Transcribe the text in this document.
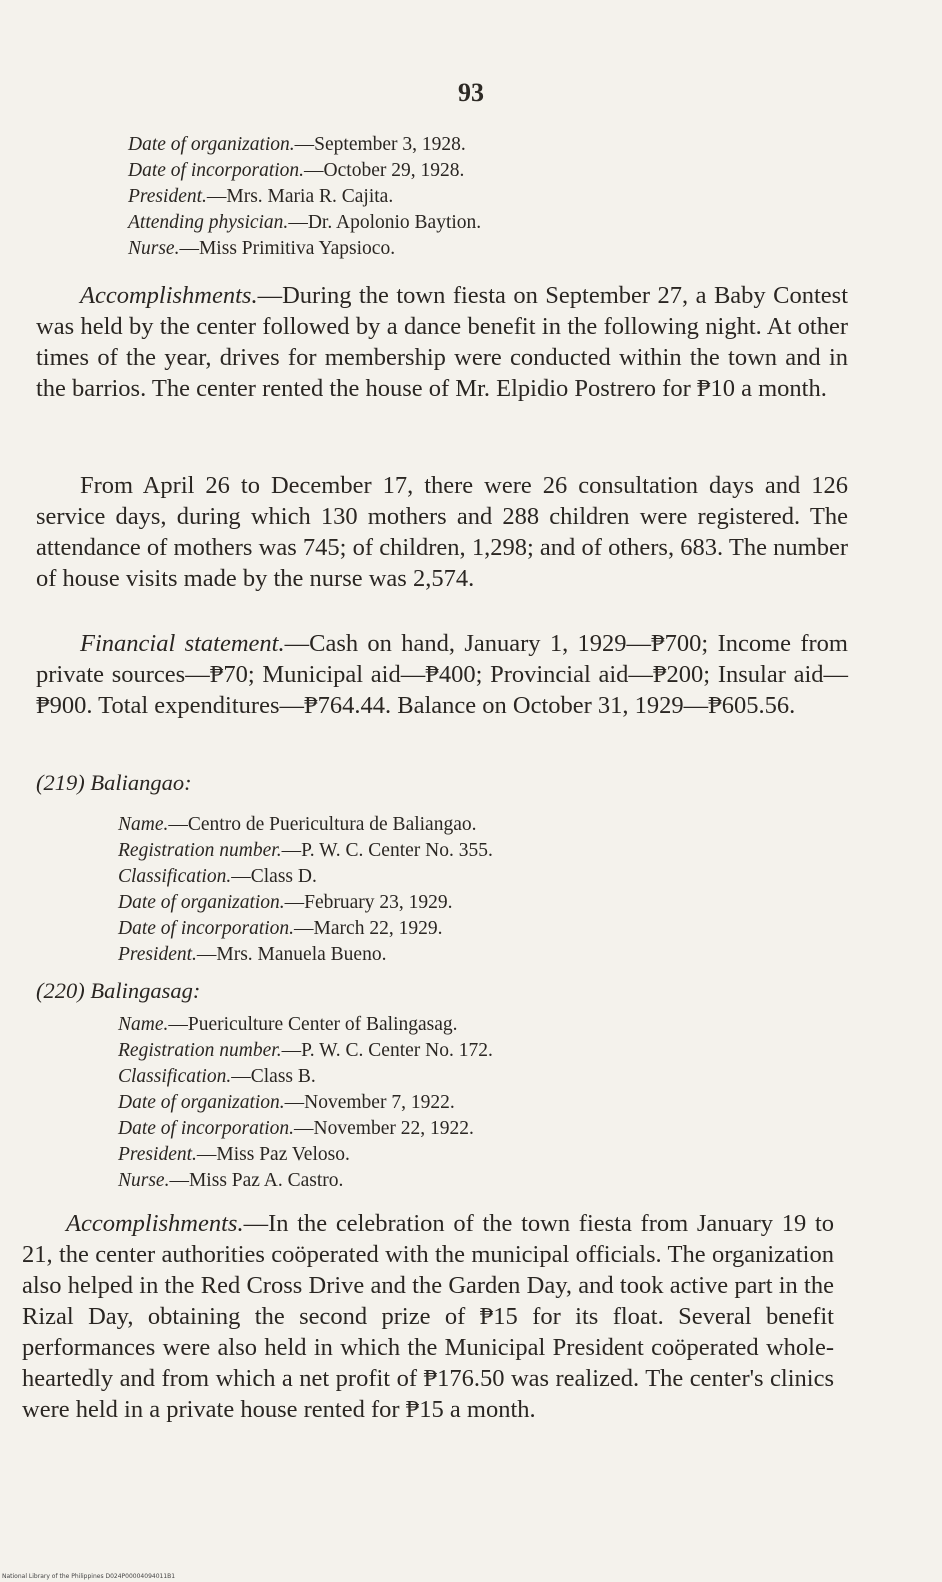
93
Date of organization.—September 3, 1928.
Date of incorporation.—October 29, 1928.
President.—Mrs. Maria R. Cajita.
Attending physician.—Dr. Apolonio Baytion.
Nurse.—Miss Primitiva Yapsioco.
Accomplishments.—During the town fiesta on September 27, a Baby Contest was held by the center followed by a dance benefit in the following night. At other times of the year, drives for membership were conducted within the town and in the barrios. The center rented the house of Mr. Elpidio Postrero for ₱10 a month.
From April 26 to December 17, there were 26 consultation days and 126 service days, during which 130 mothers and 288 children were registered. The attendance of mothers was 745; of children, 1,298; and of others, 683. The number of house visits made by the nurse was 2,574.
Financial statement.—Cash on hand, January 1, 1929—₱700; Income from private sources—₱70; Municipal aid—₱400; Provincial aid—₱200; Insular aid—₱900. Total expenditures—₱764.44. Balance on October 31, 1929—₱605.56.
(219) Baliangao:
Name.—Centro de Puericultura de Baliangao.
Registration number.—P. W. C. Center No. 355.
Classification.—Class D.
Date of organization.—February 23, 1929.
Date of incorporation.—March 22, 1929.
President.—Mrs. Manuela Bueno.
(220) Balingasag:
Name.—Puericulture Center of Balingasag.
Registration number.—P. W. C. Center No. 172.
Classification.—Class B.
Date of organization.—November 7, 1922.
Date of incorporation.—November 22, 1922.
President.—Miss Paz Veloso.
Nurse.—Miss Paz A. Castro.
Accomplishments.—In the celebration of the town fiesta from January 19 to 21, the center authorities coöperated with the municipal officials. The organization also helped in the Red Cross Drive and the Garden Day, and took active part in the Rizal Day, obtaining the second prize of ₱15 for its float. Several benefit performances were also held in which the Municipal President coöperated whole-heartedly and from which a net profit of ₱176.50 was realized. The center's clinics were held in a private house rented for ₱15 a month.
National Library of the Philippines D024P00004094011B1
